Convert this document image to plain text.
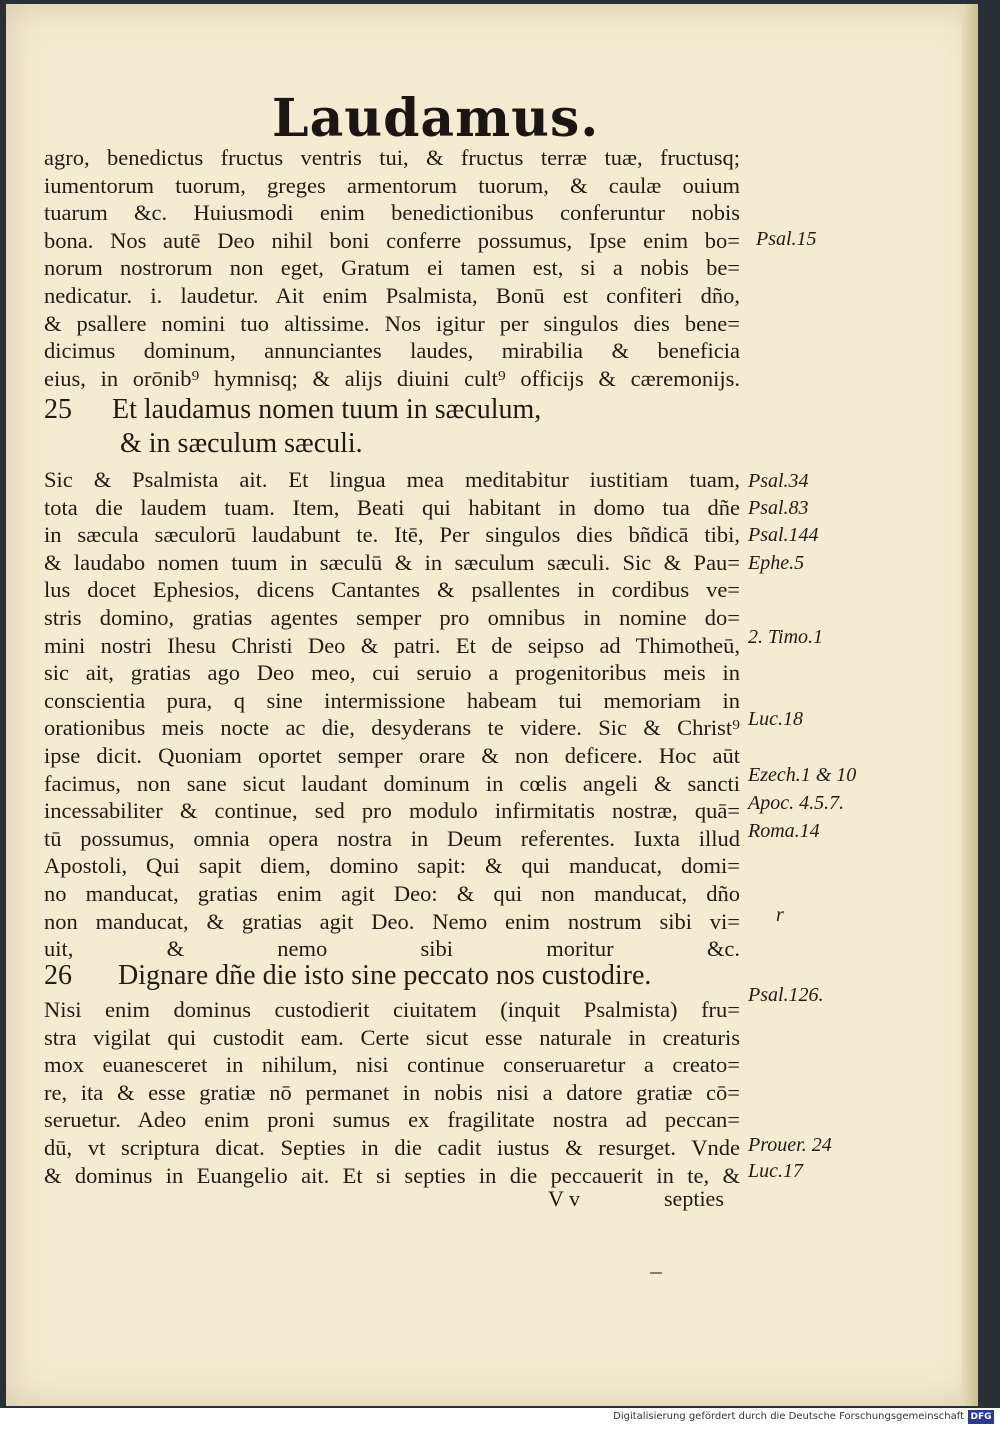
Laudamus.
agro, benedictus fructus ventris tui, & fructus terræ tuæ, fructusq;
iumentorum tuorum, greges armentorum tuorum, & caulæ ouium
tuarum &c. Huiusmodi enim benedictionibus conferuntur nobis
bona. Nos autē Deo nihil boni conferre possumus, Ipse enim bo=
norum nostrorum non eget, Gratum ei tamen est, si a nobis be=
nedicatur. i. laudetur. Ait enim Psalmista, Bonū est confiteri dño,
& psallere nomini tuo altissime. Nos igitur per singulos dies bene=
dicimus dominum, annunciantes laudes, mirabilia & beneficia
eius, in orōnib⁹ hymnisq; & alijs diuini cult⁹ officijs & cæremonijs.
25 Et laudamus nomen tuum in sæculum,
& in sæculum sæculi.
Sic & Psalmista ait. Et lingua mea meditabitur iustitiam tuam,
tota die laudem tuam. Item, Beati qui habitant in domo tua dñe
in sæcula sæculorū laudabunt te. Itē, Per singulos dies bñdicā tibi,
& laudabo nomen tuum in sæculū & in sæculum sæculi. Sic & Pau=
lus docet Ephesios, dicens Cantantes & psallentes in cordibus ve=
stris domino, gratias agentes semper pro omnibus in nomine do=
mini nostri Ihesu Christi Deo & patri. Et de seipso ad Thimotheū,
sic ait, gratias ago Deo meo, cui seruio a progenitoribus meis in
conscientia pura, q sine intermissione habeam tui memoriam in
orationibus meis nocte ac die, desyderans te videre. Sic & Christ⁹
ipse dicit. Quoniam oportet semper orare & non deficere. Hoc aūt
facimus, non sane sicut laudant dominum in cœlis angeli & sancti
incessabiliter & continue, sed pro modulo infirmitatis nostræ, quā=
tū possumus, omnia opera nostra in Deum referentes. Iuxta illud
Apostoli, Qui sapit diem, domino sapit: & qui manducat, domi=
no manducat, gratias enim agit Deo: & qui non manducat, dño
non manducat, & gratias agit Deo. Nemo enim nostrum sibi vi=
uit, & nemo sibi moritur &c.
26 Dignare dñe die isto sine peccato nos custodire.
Nisi enim dominus custodierit ciuitatem (inquit Psalmista) fru=
stra vigilat qui custodit eam. Certe sicut esse naturale in creaturis
mox euanesceret in nihilum, nisi continue conseruaretur a creato=
re, ita & esse gratiæ nō permanet in nobis nisi a datore gratiæ cō=
seruetur. Adeo enim proni sumus ex fragilitate nostra ad peccan=
dū, vt scriptura dicat. Septies in die cadit iustus & resurget. Vnde
& dominus in Euangelio ait. Et si septies in die peccauerit in te, &
V v	septies
Psal.15
Psal.34
Psal.83
Psal.144
Ephe.5
2. Timo.1
Luc.18
Ezech.1 & 10
Apoc. 4.5.7.
Roma.14
r
Psal.126.
Prouer. 24
Luc.17
Digitalisierung gefördert durch die Deutsche Forschungsgemeinschaft DFG
